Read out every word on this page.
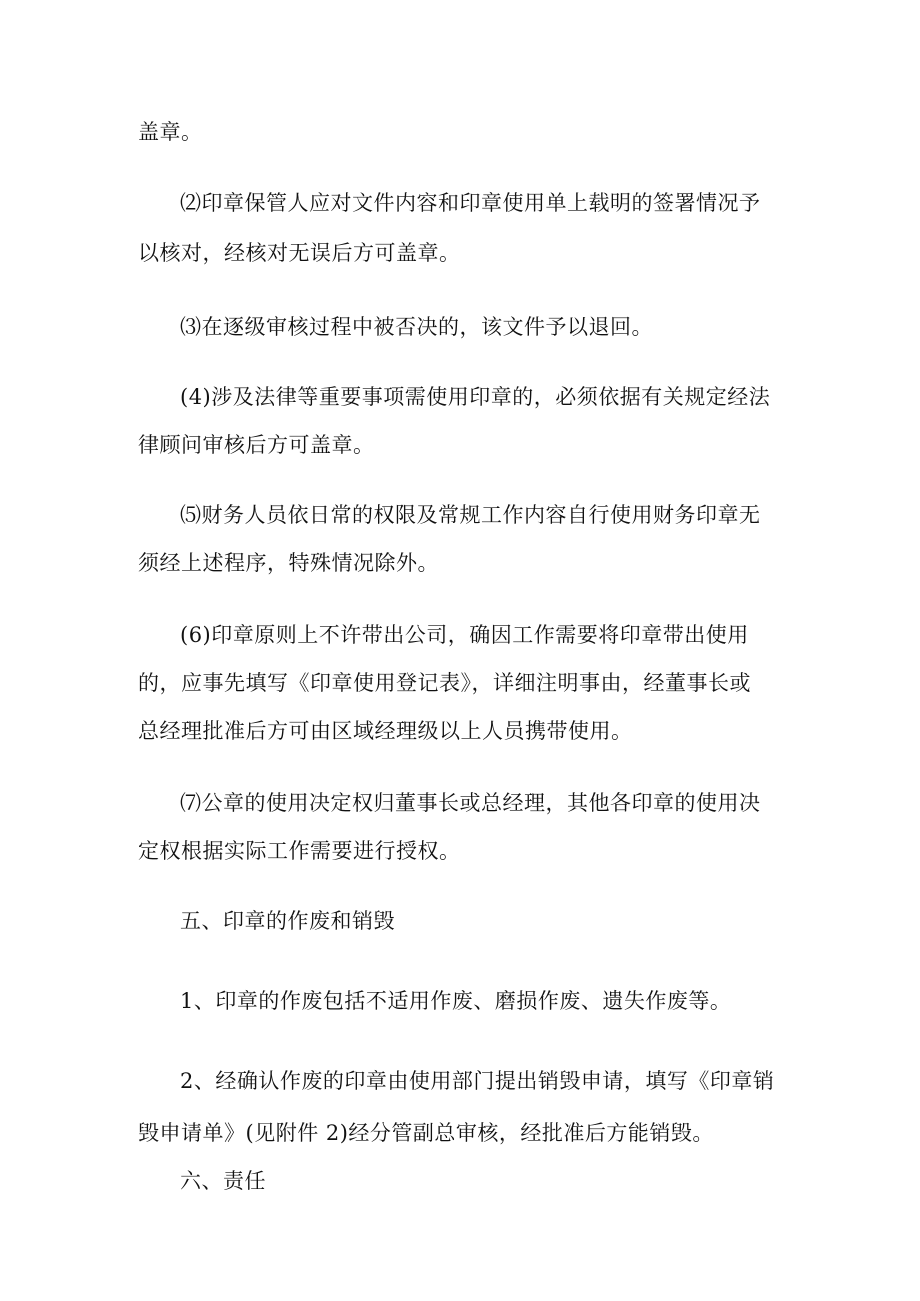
盖章。
⑵印章保管人应对文件内容和印章使用单上载明的签署情况予
以核对，经核对无误后方可盖章。
⑶在逐级审核过程中被否决的，该文件予以退回。
(4)涉及法律等重要事项需使用印章的，必须依据有关规定经法
律顾问审核后方可盖章。
⑸财务人员依日常的权限及常规工作内容自行使用财务印章无
须经上述程序，特殊情况除外。
(6)印章原则上不许带出公司，确因工作需要将印章带出使用
的，应事先填写《印章使用登记表》，详细注明事由，经董事长或
总经理批准后方可由区域经理级以上人员携带使用。
⑺公章的使用决定权归董事长或总经理，其他各印章的使用决
定权根据实际工作需要进行授权。
五、印章的作废和销毁
1、印章的作废包括不适用作废、磨损作废、遗失作废等。
2、经确认作废的印章由使用部门提出销毁申请，填写《印章销
毁申请单》(见附件 2)经分管副总审核，经批准后方能销毁。
六、责任
